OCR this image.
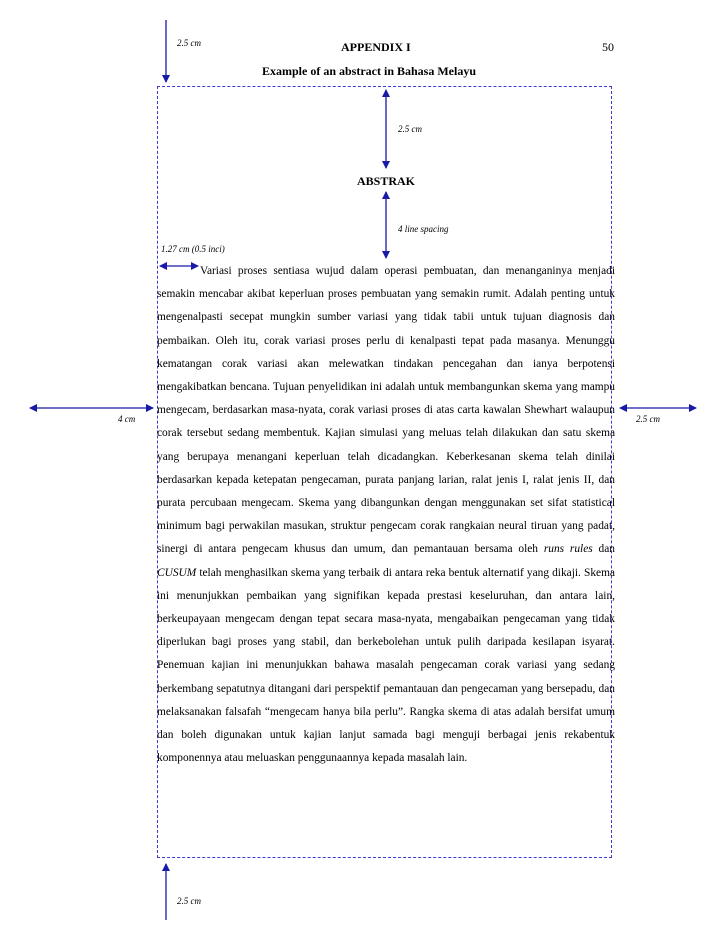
APPENDIX I	50
Example of an abstract in Bahasa Melayu
2.5 cm
2.5 cm
4 line spacing
1.27 cm (0.5 inci)
4 cm	2.5 cm
2.5 cm
ABSTRAK

Variasi proses sentiasa wujud dalam operasi pembuatan, dan menanganinya menjadi semakin mencabar akibat keperluan proses pembuatan yang semakin rumit. Adalah penting untuk mengenalpasti secepat mungkin sumber variasi yang tidak tabii untuk tujuan diagnosis dan pembaikan. Oleh itu, corak variasi proses perlu di kenalpasti tepat pada masanya. Menunggu kematangan corak variasi akan melewatkan tindakan pencegahan dan ianya berpotensi mengakibatkan bencana. Tujuan penyelidikan ini adalah untuk membangunkan skema yang mampu mengecam, berdasarkan masa-nyata, corak variasi proses di atas carta kawalan Shewhart walaupun corak tersebut sedang membentuk. Kajian simulasi yang meluas telah dilakukan dan satu skema yang berupaya menangani keperluan telah dicadangkan. Keberkesanan skema telah dinilai berdasarkan kepada ketepatan pengecaman, purata panjang larian, ralat jenis I, ralat jenis II, dan purata percubaan mengecam. Skema yang dibangunkan dengan menggunakan set sifat statistical minimum bagi perwakilan masukan, struktur pengecam corak rangkaian neural tiruan yang padat, sinergi di antara pengecam khusus dan umum, dan pemantauan bersama oleh runs rules dan CUSUM telah menghasilkan skema yang terbaik di antara reka bentuk alternatif yang dikaji. Skema ini menunjukkan pembaikan yang signifikan kepada prestasi keseluruhan, dan antara lain, berkeupayaan mengecam dengan tepat secara masa-nyata, mengabaikan pengecaman yang tidak diperlukan bagi proses yang stabil, dan berkebolehan untuk pulih daripada kesilapan isyarat. Penemuan kajian ini menunjukkan bahawa masalah pengecaman corak variasi yang sedang berkembang sepatutnya ditangani dari perspektif pemantauan dan pengecaman yang bersepadu, dan melaksanakan falsafah “mengecam hanya bila perlu”. Rangka skema di atas adalah bersifat umum dan boleh digunakan untuk kajian lanjut samada bagi menguji berbagai jenis rekabentuk komponennya atau meluaskan penggunaannya kepada masalah lain.
